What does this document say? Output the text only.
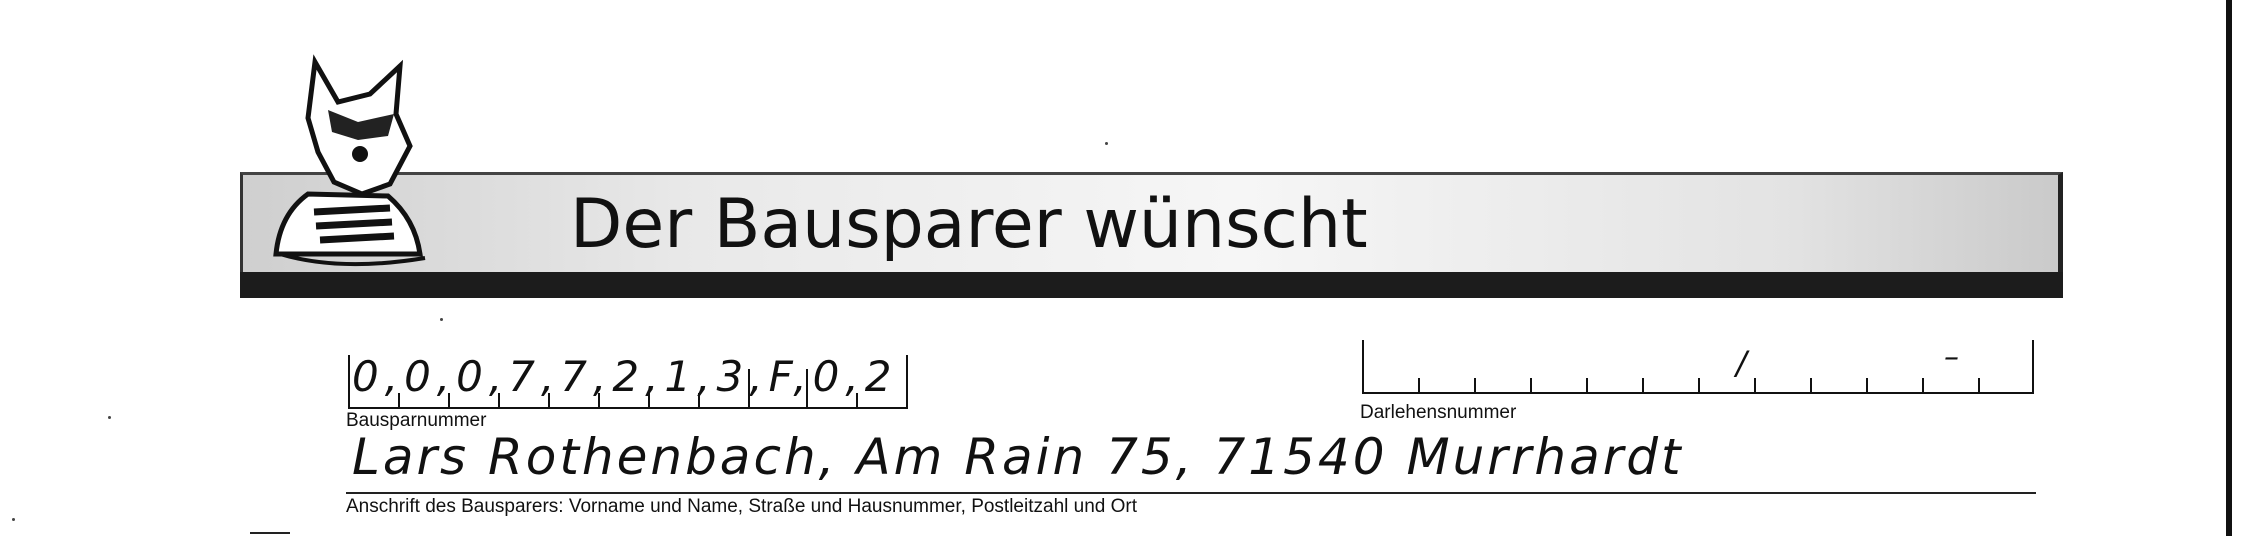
Der Bausparer wünscht
0,0,0,7,7,2,1,3,F,0,2
Bausparnummer
/	–
Darlehensnummer
Lars Rothenbach, Am Rain 75, 71540 Murrhardt
Anschrift des Bausparers: Vorname und Name, Straße und Hausnummer, Postleitzahl und Ort
